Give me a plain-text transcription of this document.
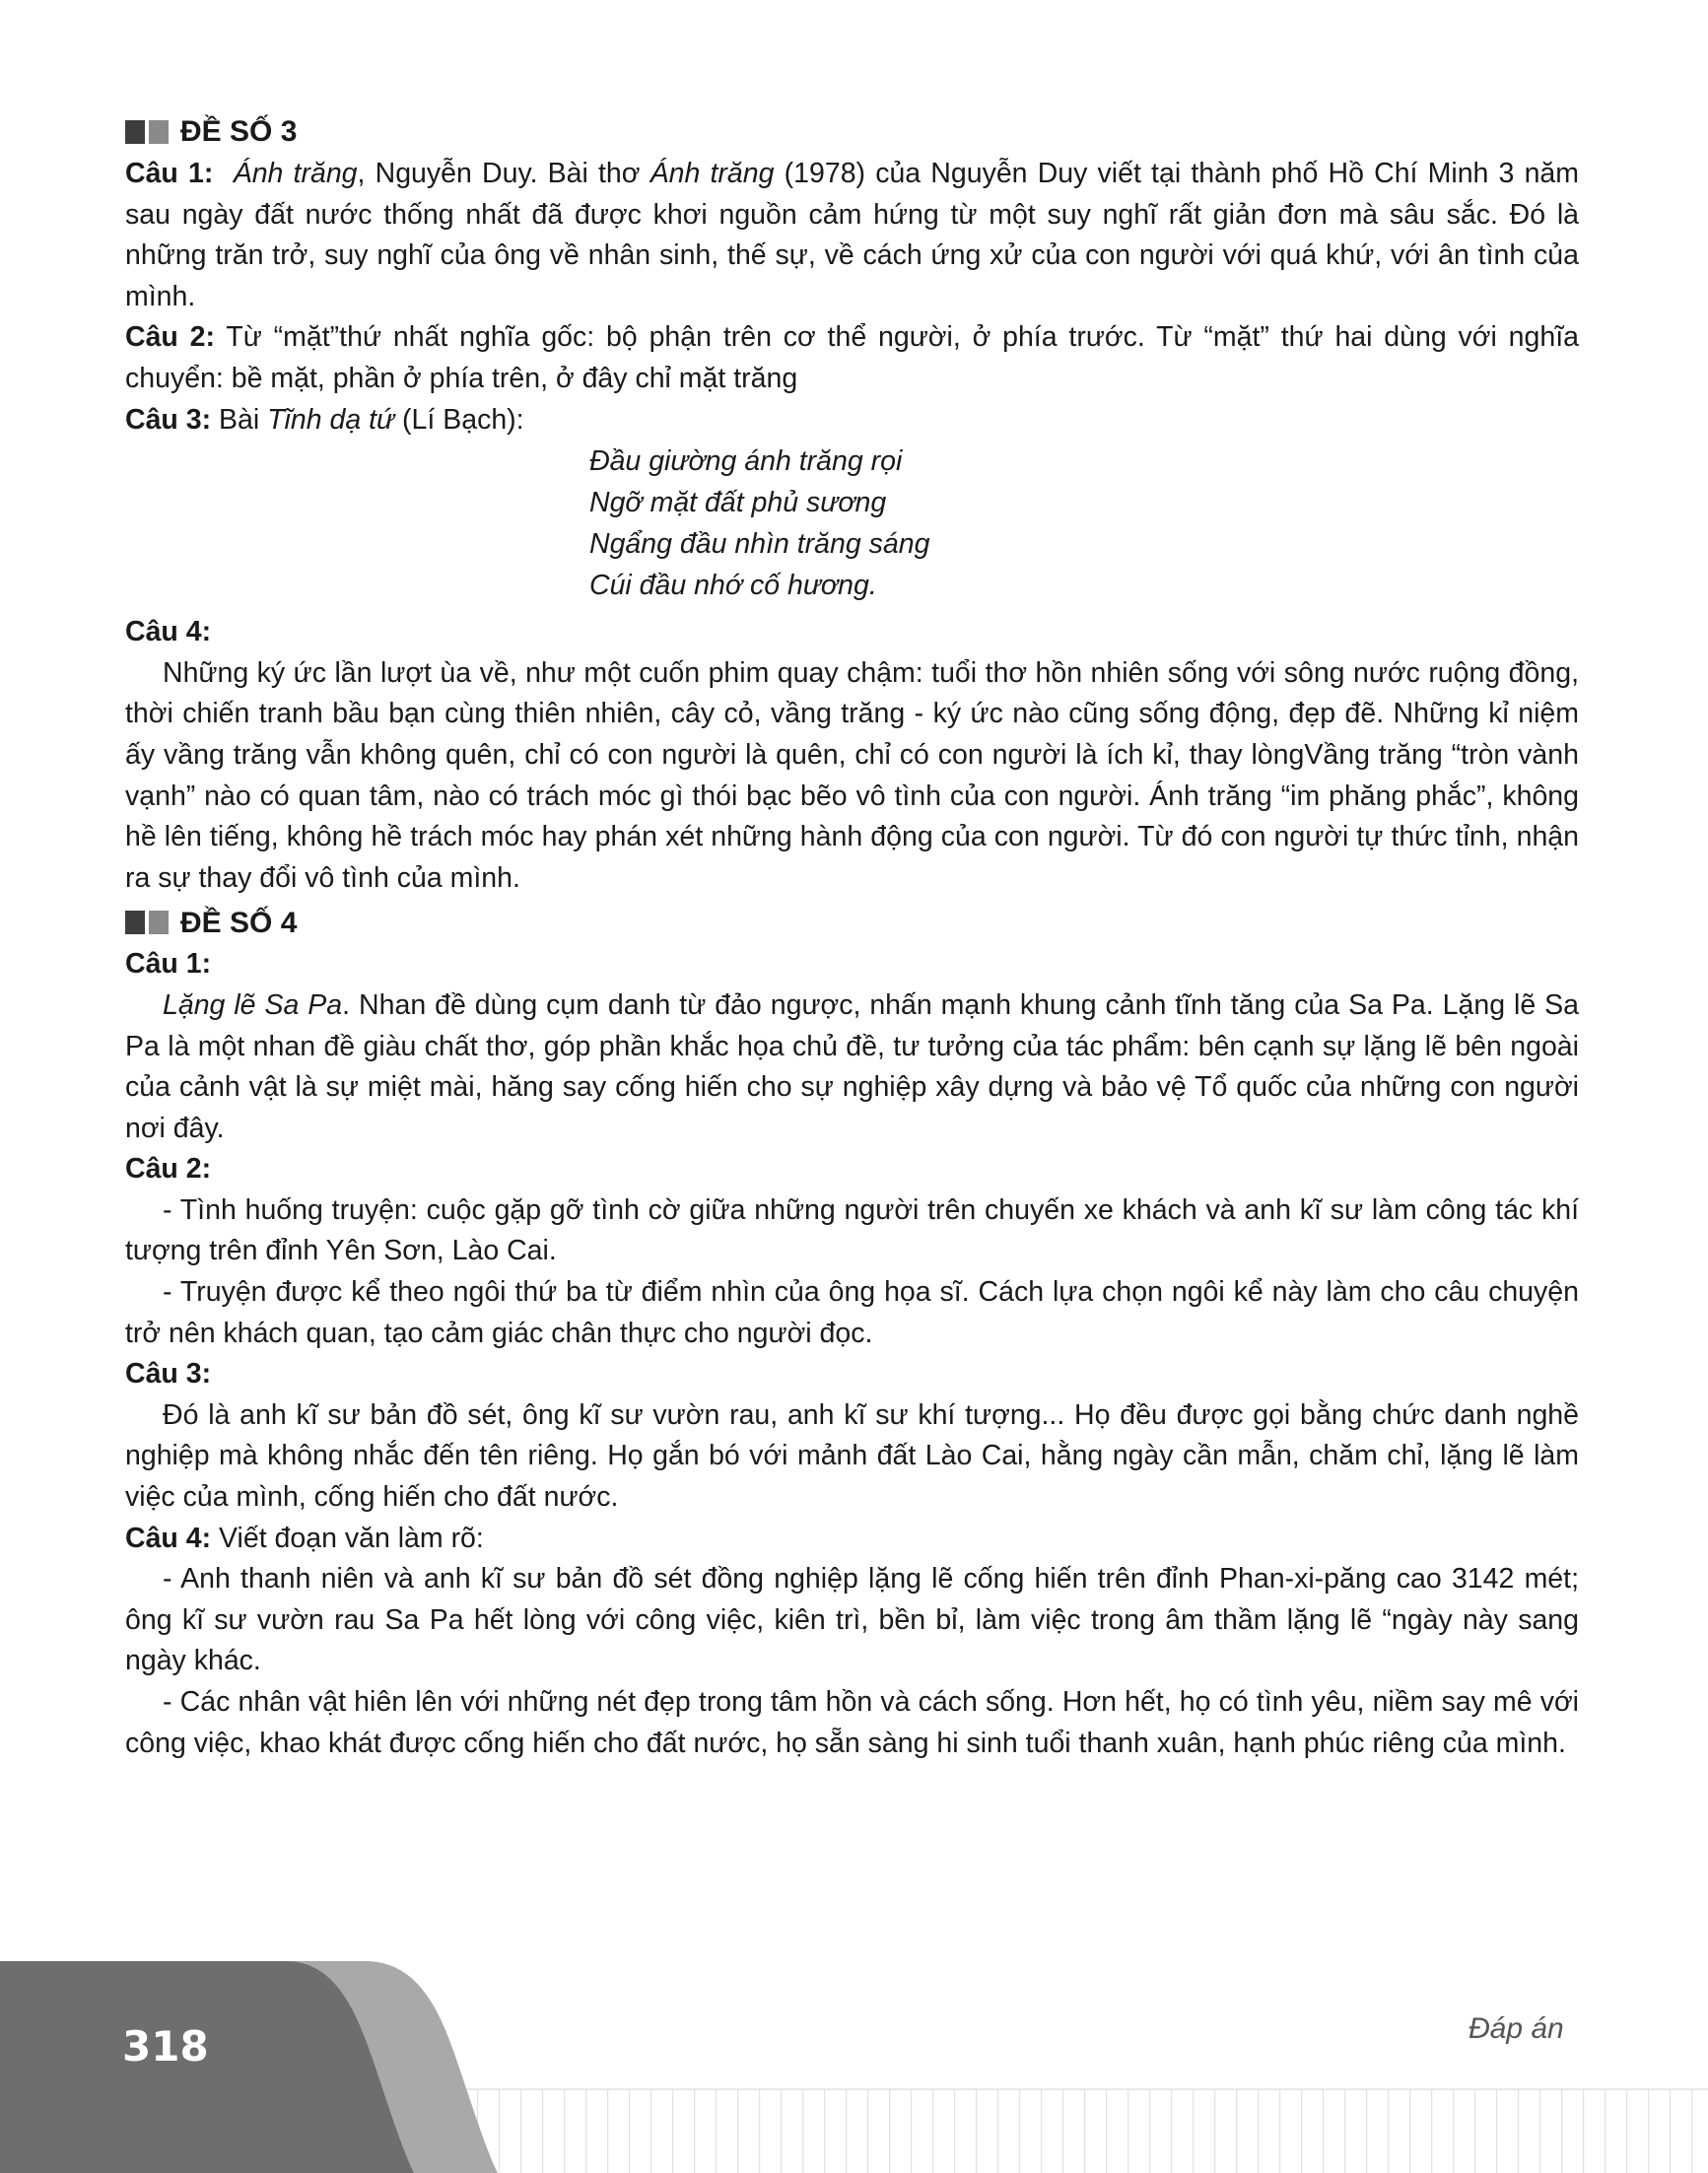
ĐỀ SỐ 3

Câu 1: Ánh trăng, Nguyễn Duy. Bài thơ Ánh trăng (1978) của Nguyễn Duy viết tại thành phố Hồ Chí Minh 3 năm sau ngày đất nước thống nhất đã được khơi nguồn cảm hứng từ một suy nghĩ rất giản đơn mà sâu sắc. Đó là những trăn trở, suy nghĩ của ông về nhân sinh, thế sự, về cách ứng xử của con người với quá khứ, với ân tình của mình.

Câu 2: Từ “mặt”thứ nhất nghĩa gốc: bộ phận trên cơ thể người, ở phía trước. Từ “mặt” thứ hai dùng với nghĩa chuyển: bề mặt, phần ở phía trên, ở đây chỉ mặt trăng

Câu 3: Bài Tĩnh dạ tứ (Lí Bạch):

Đầu giường ánh trăng rọi
Ngỡ mặt đất phủ sương
Ngẩng đầu nhìn trăng sáng
Cúi đầu nhớ cố hương.

Câu 4:

Những ký ức lần lượt ùa về, như một cuốn phim quay chậm: tuổi thơ hồn nhiên sống với sông nước ruộng đồng, thời chiến tranh bầu bạn cùng thiên nhiên, cây cỏ, vầng trăng - ký ức nào cũng sống động, đẹp đẽ. Những kỉ niệm ấy vầng trăng vẫn không quên, chỉ có con người là quên, chỉ có con người là ích kỉ, thay lòngVầng trăng “tròn vành vạnh” nào có quan tâm, nào có trách móc gì thói bạc bẽo vô tình của con người. Ánh trăng “im phăng phắc”, không hề lên tiếng, không hề trách móc hay phán xét những hành động của con người. Từ đó con người tự thức tỉnh, nhận ra sự thay đổi vô tình của mình.

ĐỀ SỐ 4

Câu 1:

Lặng lẽ Sa Pa. Nhan đề dùng cụm danh từ đảo ngược, nhấn mạnh khung cảnh tĩnh tăng của Sa Pa. Lặng lẽ Sa Pa là một nhan đề giàu chất thơ, góp phần khắc họa chủ đề, tư tưởng của tác phẩm: bên cạnh sự lặng lẽ bên ngoài của cảnh vật là sự miệt mài, hăng say cống hiến cho sự nghiệp xây dựng và bảo vệ Tổ quốc của những con người nơi đây.

Câu 2:

- Tình huống truyện: cuộc gặp gỡ tình cờ giữa những người trên chuyến xe khách và anh kĩ sư làm công tác khí tượng trên đỉnh Yên Sơn, Lào Cai.

- Truyện được kể theo ngôi thứ ba từ điểm nhìn của ông họa sĩ. Cách lựa chọn ngôi kể này làm cho câu chuyện trở nên khách quan, tạo cảm giác chân thực cho người đọc.

Câu 3:

Đó là anh kĩ sư bản đồ sét, ông kĩ sư vườn rau, anh kĩ sư khí tượng... Họ đều được gọi bằng chức danh nghề nghiệp mà không nhắc đến tên riêng. Họ gắn bó với mảnh đất Lào Cai, hằng ngày cần mẫn, chăm chỉ, lặng lẽ làm việc của mình, cống hiến cho đất nước.

Câu 4: Viết đoạn văn làm rõ:

- Anh thanh niên và anh kĩ sư bản đồ sét đồng nghiệp lặng lẽ cống hiến trên đỉnh Phan-xi-păng cao 3142 mét; ông kĩ sư vườn rau Sa Pa hết lòng với công việc, kiên trì, bền bỉ, làm việc trong âm thầm lặng lẽ “ngày này sang ngày khác.

- Các nhân vật hiên lên với những nét đẹp trong tâm hồn và cách sống. Hơn hết, họ có tình yêu, niềm say mê với công việc, khao khát được cống hiến cho đất nước, họ sẵn sàng hi sinh tuổi thanh xuân, hạnh phúc riêng của mình.

318	Đáp án
